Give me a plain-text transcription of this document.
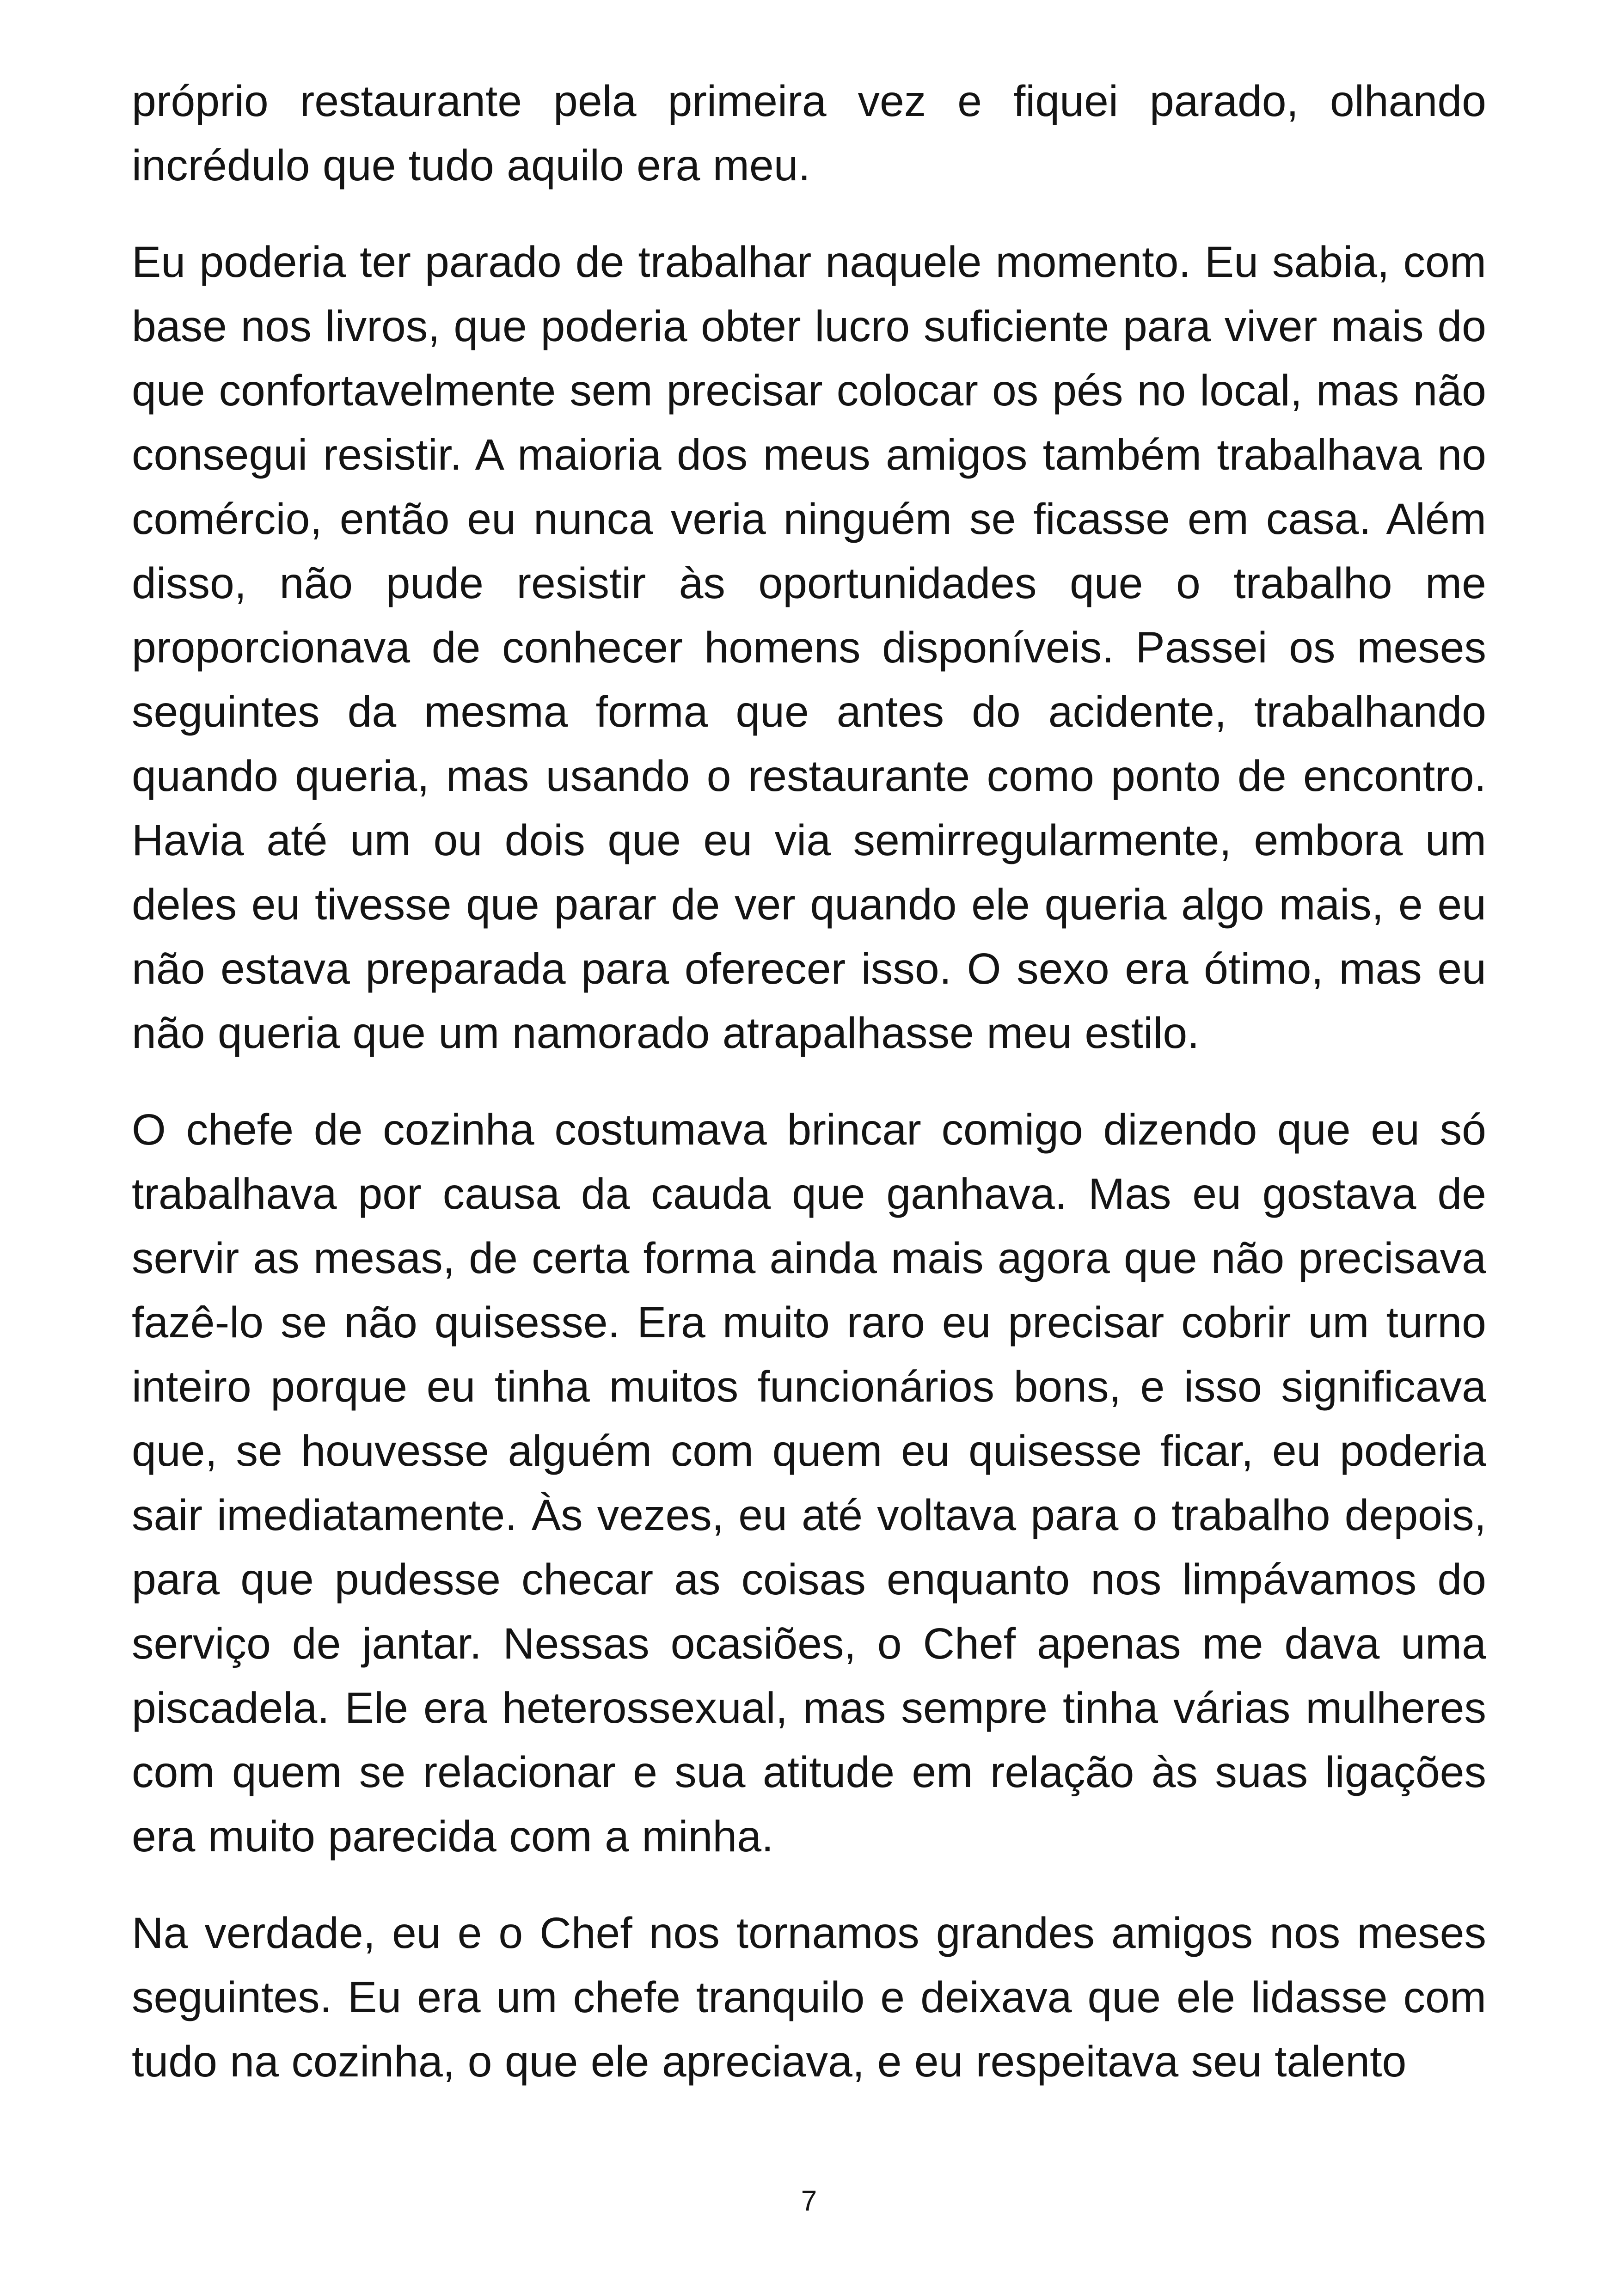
próprio restaurante pela primeira vez e fiquei parado, olhando incrédulo que tudo aquilo era meu.

Eu poderia ter parado de trabalhar naquele momento. Eu sabia, com base nos livros, que poderia obter lucro suficiente para viver mais do que confortavelmente sem precisar colocar os pés no local, mas não consegui resistir. A maioria dos meus amigos também trabalhava no comércio, então eu nunca veria ninguém se ficasse em casa. Além disso, não pude resistir às oportunidades que o trabalho me proporcionava de conhecer homens disponíveis. Passei os meses seguintes da mesma forma que antes do acidente, trabalhando quando queria, mas usando o restaurante como ponto de encontro. Havia até um ou dois que eu via semirregularmente, embora um deles eu tivesse que parar de ver quando ele queria algo mais, e eu não estava preparada para oferecer isso. O sexo era ótimo, mas eu não queria que um namorado atrapalhasse meu estilo.

O chefe de cozinha costumava brincar comigo dizendo que eu só trabalhava por causa da cauda que ganhava. Mas eu gostava de servir as mesas, de certa forma ainda mais agora que não precisava fazê-lo se não quisesse. Era muito raro eu precisar cobrir um turno inteiro porque eu tinha muitos funcionários bons, e isso significava que, se houvesse alguém com quem eu quisesse ficar, eu poderia sair imediatamente. Às vezes, eu até voltava para o trabalho depois, para que pudesse checar as coisas enquanto nos limpávamos do serviço de jantar. Nessas ocasiões, o Chef apenas me dava uma piscadela. Ele era heterossexual, mas sempre tinha várias mulheres com quem se relacionar e sua atitude em relação às suas ligações era muito parecida com a minha.

Na verdade, eu e o Chef nos tornamos grandes amigos nos meses seguintes. Eu era um chefe tranquilo e deixava que ele lidasse com tudo na cozinha, o que ele apreciava, e eu respeitava seu talento

7
